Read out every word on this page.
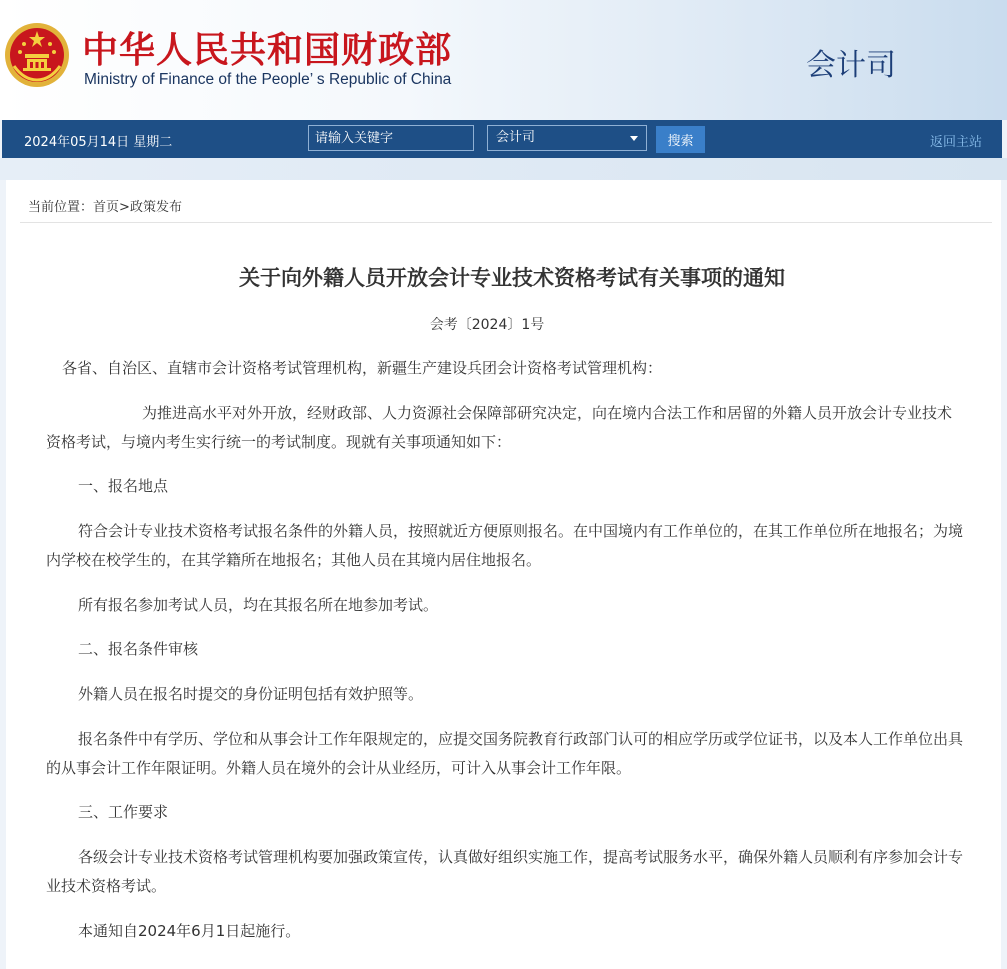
中华人民共和国财政部
Ministry of Finance of the People’ s Republic of China	会计司
2024年05月14日 星期二
请输入关键字	会计司	搜索	返回主站
当前位置：首页>政策发布
关于向外籍人员开放会计专业技术资格考试有关事项的通知
会考〔2024〕1号
各省、自治区、直辖市会计资格考试管理机构，新疆生产建设兵团会计资格考试管理机构：
为推进高水平对外开放，经财政部、人力资源社会保障部研究决定，向在境内合法工作和居留的外籍人员开放会计专业技术资格考试，与境内考生实行统一的考试制度。现就有关事项通知如下：
一、报名地点
符合会计专业技术资格考试报名条件的外籍人员，按照就近方便原则报名。在中国境内有工作单位的，在其工作单位所在地报名；为境内学校在校学生的，在其学籍所在地报名；其他人员在其境内居住地报名。
所有报名参加考试人员，均在其报名所在地参加考试。
二、报名条件审核
外籍人员在报名时提交的身份证明包括有效护照等。
报名条件中有学历、学位和从事会计工作年限规定的，应提交国务院教育行政部门认可的相应学历或学位证书，以及本人工作单位出具的从事会计工作年限证明。外籍人员在境外的会计从业经历，可计入从事会计工作年限。
三、工作要求
各级会计专业技术资格考试管理机构要加强政策宣传，认真做好组织实施工作，提高考试服务水平，确保外籍人员顺利有序参加会计专业技术资格考试。
本通知自2024年6月1日起施行。
